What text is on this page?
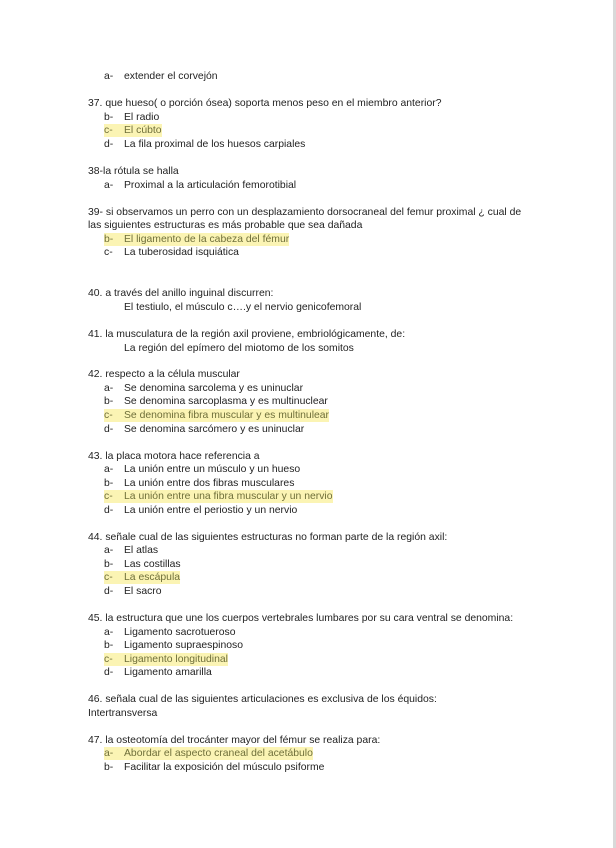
a- extender el corvejón
37. que hueso( o porción ósea) soporta menos peso en el miembro anterior?
b- El radio
c- El cúbto
d- La fila proximal de los huesos carpiales
38-la rótula se halla
a- Proximal a la articulación femorotibial
39- si observamos un perro con un desplazamiento dorsocraneal del femur proximal ¿ cual de
las siguientes estructuras es más probable que sea dañada
b- El ligamento de la cabeza del fémur
c- La tuberosidad isquiática
40. a través del anillo inguinal discurren:
El testiulo, el músculo c….y el nervio genicofemoral
41. la musculatura de la región axil proviene, embriológicamente, de:
La región del epímero del miotomo de los somitos
42. respecto a la célula muscular
a- Se denomina sarcolema y es uninuclar
b- Se denomina sarcoplasma y es multinuclear
c- Se denomina fibra muscular y es multinulear
d- Se denomina sarcómero y es uninuclar
43. la placa motora hace referencia a
a- La unión entre un músculo y un hueso
b- La unión entre dos fibras musculares
c- La unión entre una fibra muscular y un nervio
d- La unión entre el periostio y un nervio
44. señale cual de las siguientes estructuras no forman parte de la región axil:
a- El atlas
b- Las costillas
c- La escápula
d- El sacro
45. la estructura que une los cuerpos vertebrales lumbares por su cara ventral se denomina:
a- Ligamento sacrotueroso
b- Ligamento supraespinoso
c- Ligamento longitudinal
d- Ligamento amarilla
46. señala cual de las siguientes articulaciones es exclusiva de los équidos:
Intertransversa
47. la osteotomía del trocánter mayor del fémur se realiza para:
a- Abordar el aspecto craneal del acetábulo
b- Facilitar la exposición del músculo psiforme
